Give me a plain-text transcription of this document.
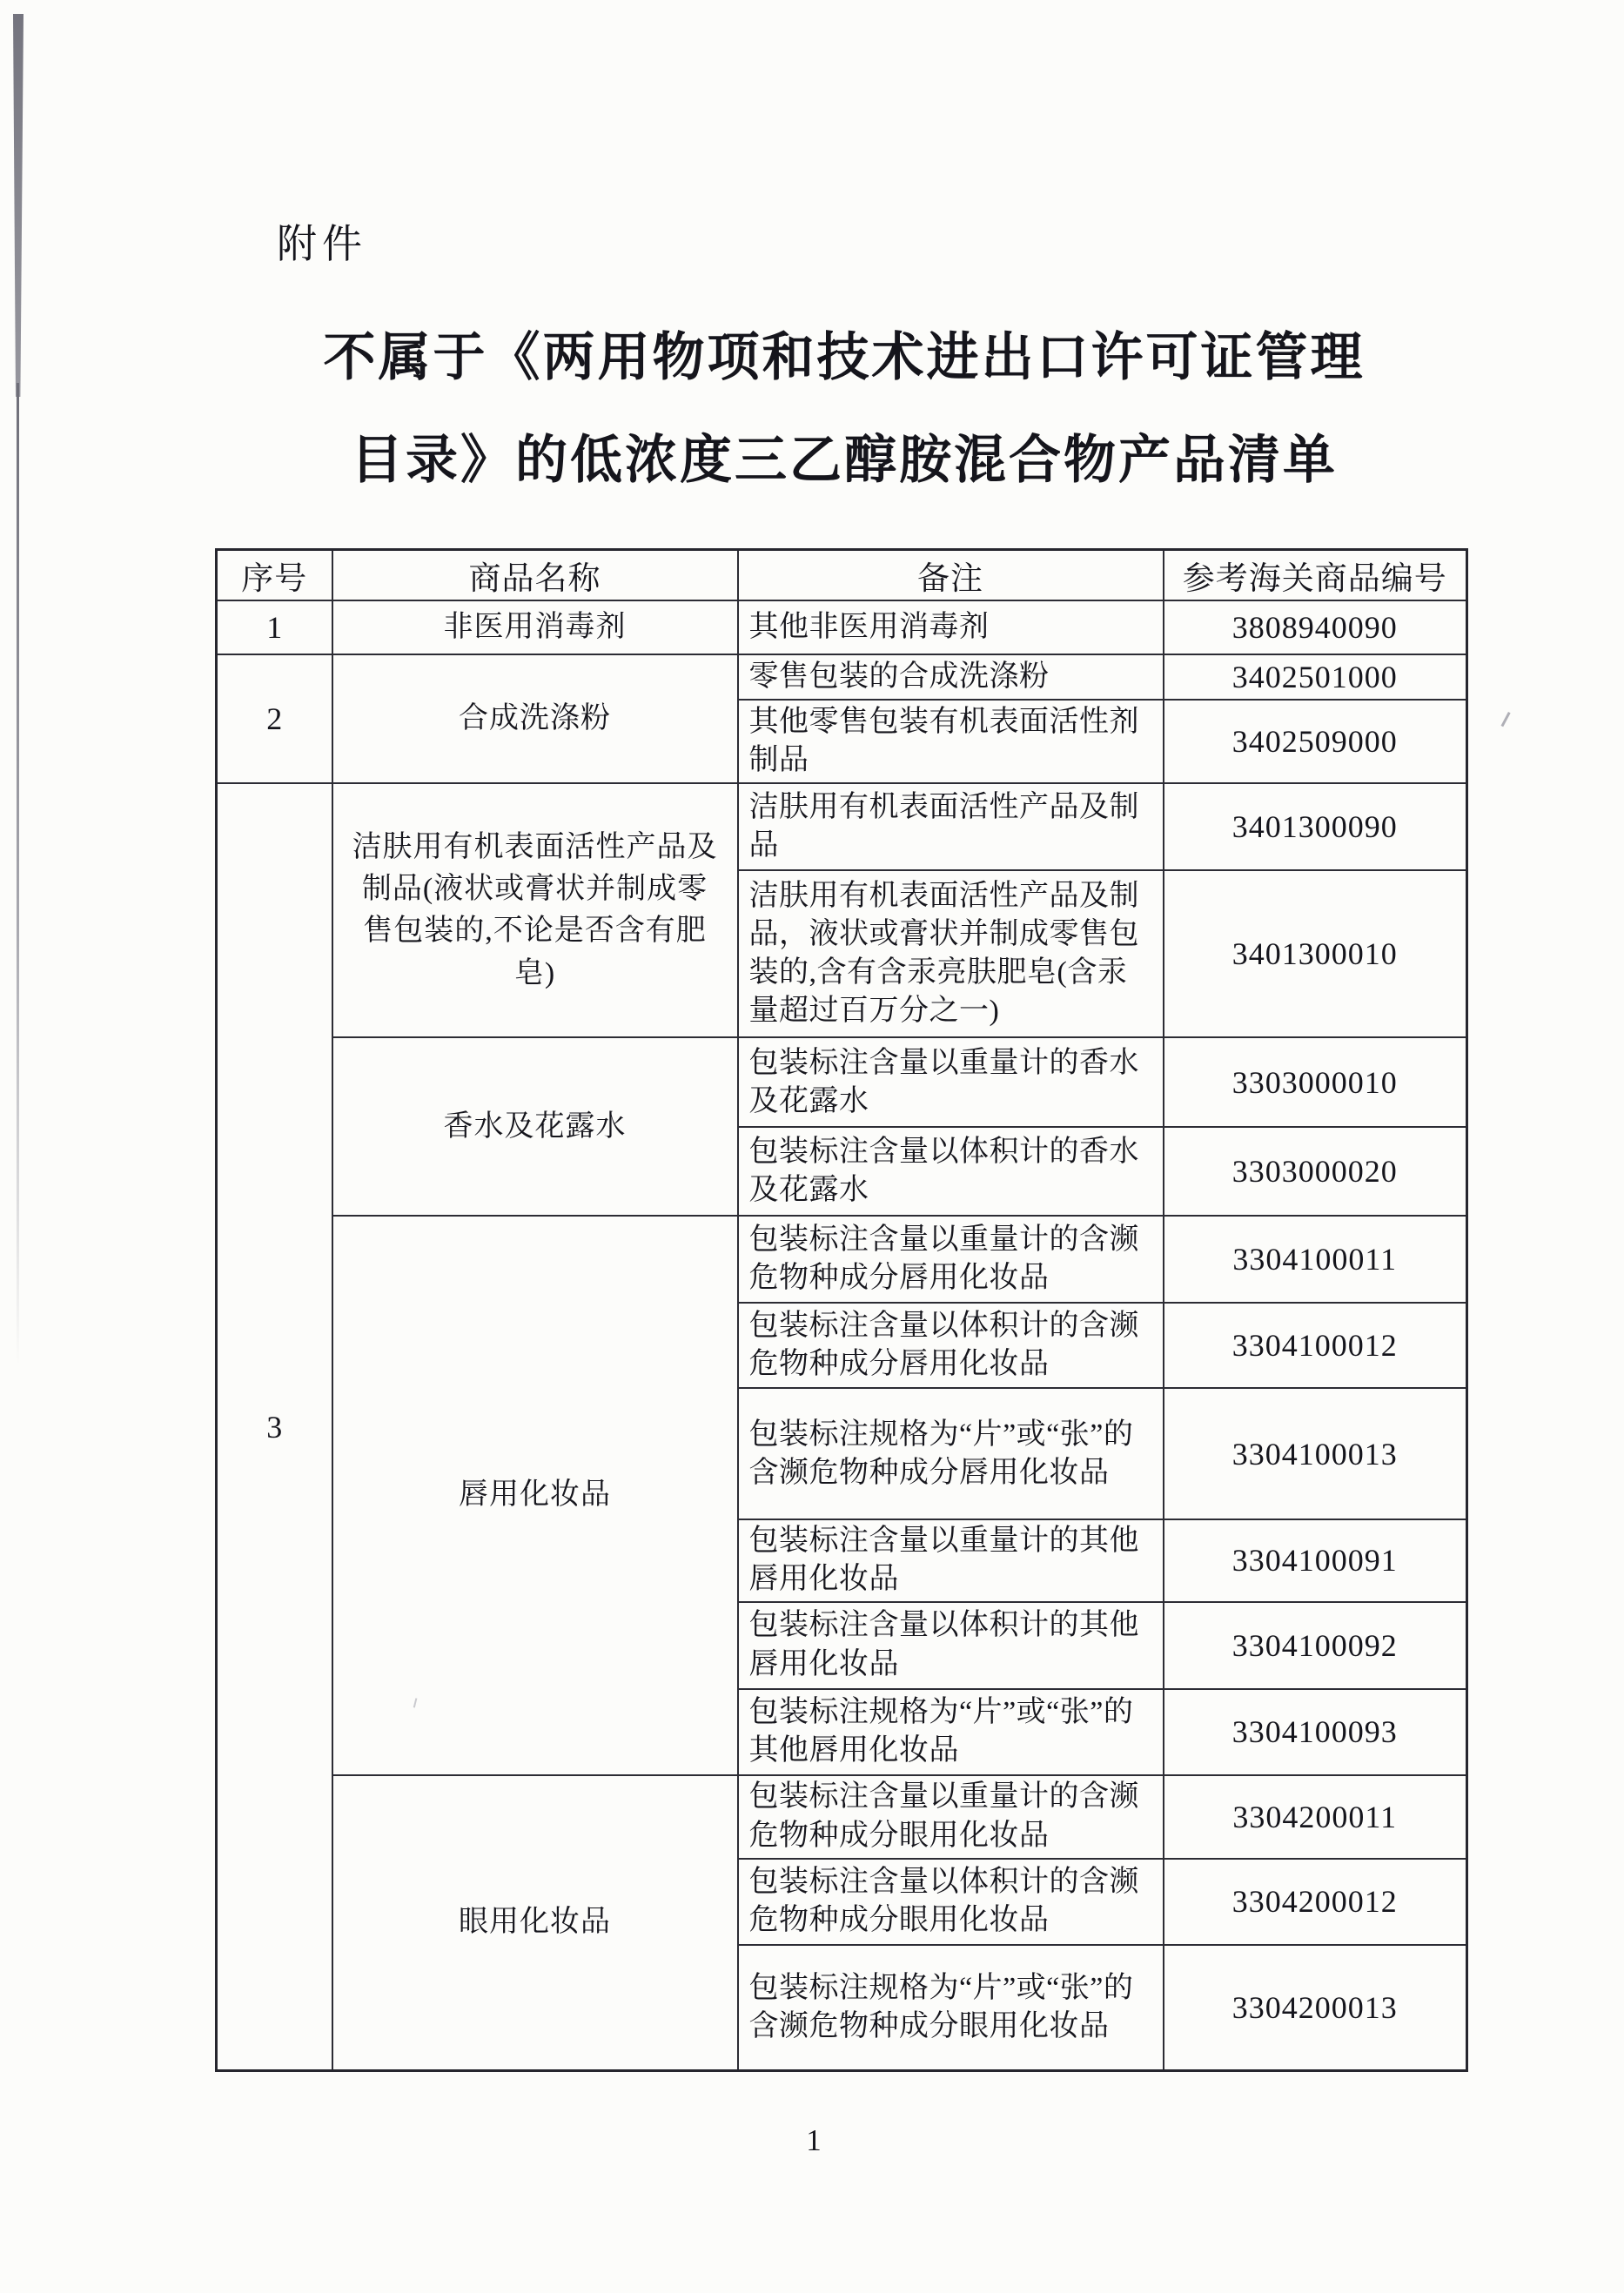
附件
不属于《两用物项和技术进出口许可证管理
目录》的低浓度三乙醇胺混合物产品清单
序号	商品名称	备注	参考海关商品编号
1	非医用消毒剂	其他非医用消毒剂	3808940090
2	合成洗涤粉	零售包装的合成洗涤粉	3402501000
		其他零售包装有机表面活性剂制品	3402509000
3	洁肤用有机表面活性产品及制品(液状或膏状并制成零售包装的,不论是否含有肥皂)	洁肤用有机表面活性产品及制品	3401300090
		洁肤用有机表面活性产品及制品，液状或膏状并制成零售包装的,含有含汞亮肤肥皂(含汞量超过百万分之一)	3401300010
	香水及花露水	包装标注含量以重量计的香水及花露水	3303000010
		包装标注含量以体积计的香水及花露水	3303000020
	唇用化妆品	包装标注含量以重量计的含濒危物种成分唇用化妆品	3304100011
		包装标注含量以体积计的含濒危物种成分唇用化妆品	3304100012
		包装标注规格为“片”或“张”的含濒危物种成分唇用化妆品	3304100013
		包装标注含量以重量计的其他唇用化妆品	3304100091
		包装标注含量以体积计的其他唇用化妆品	3304100092
		包装标注规格为“片”或“张”的其他唇用化妆品	3304100093
	眼用化妆品	包装标注含量以重量计的含濒危物种成分眼用化妆品	3304200011
		包装标注含量以体积计的含濒危物种成分眼用化妆品	3304200012
		包装标注规格为“片”或“张”的含濒危物种成分眼用化妆品	3304200013
1
